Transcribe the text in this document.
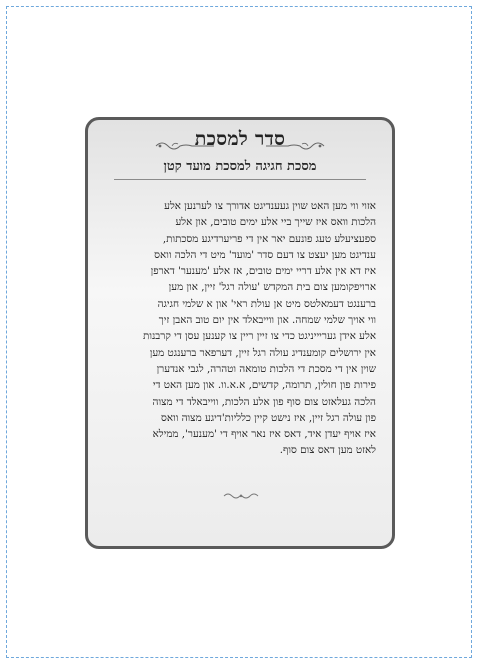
סדר למסכת
מסכת חגיגה למסכת מועד קטן
אזוי ווי מען האט שוין געענדיגט אדורך צו לערנען אלע
הלכות וואס איז שייך ביי אלע ימים טובים, און אלע
ספעציעלע טעג פונעם יאר אין די פריערדיגע מסכתות,
ענדיגט מען יעצט צו דעם סדר 'מועד' מיט די הלכה וואס
איז דא אין אלע דריי ימים טובים, אז אלע 'מענער' דארפן
ארויפקומען צום בית המקדש 'עולה רגל' זיין, און מען
ברענגט דעמאלטס מיט אן עולת ראי' און א שלמי חגיגה
ווי אויך שלמי שמחה. און ווייבאלד אין יום טוב האבן זיך
אלע אידן געריייניגט כדי צו זיין ריין צו קענען עסן די קרבנות
אין ירושלים קומענדיג עולה רגל זיין, דערפאר ברענגט מען
שוין אין די מסכת די הלכות טומאה וטהרה, לגבי אנדערן
פירות פון חולין, תרומה, קדשים, א.א.וו. און מען האט די
הלכה געלאזט צום סוף פון אלע הלכות, ווייבאלד די מצוה
פון עולה רגל זיין, איז נישט קיין כלליות'דיגע מצוה וואס
איז אויף יעדן איד, דאס איז נאר אויף די 'מענער', ממילא
לאזט מען דאס צום סוף.
